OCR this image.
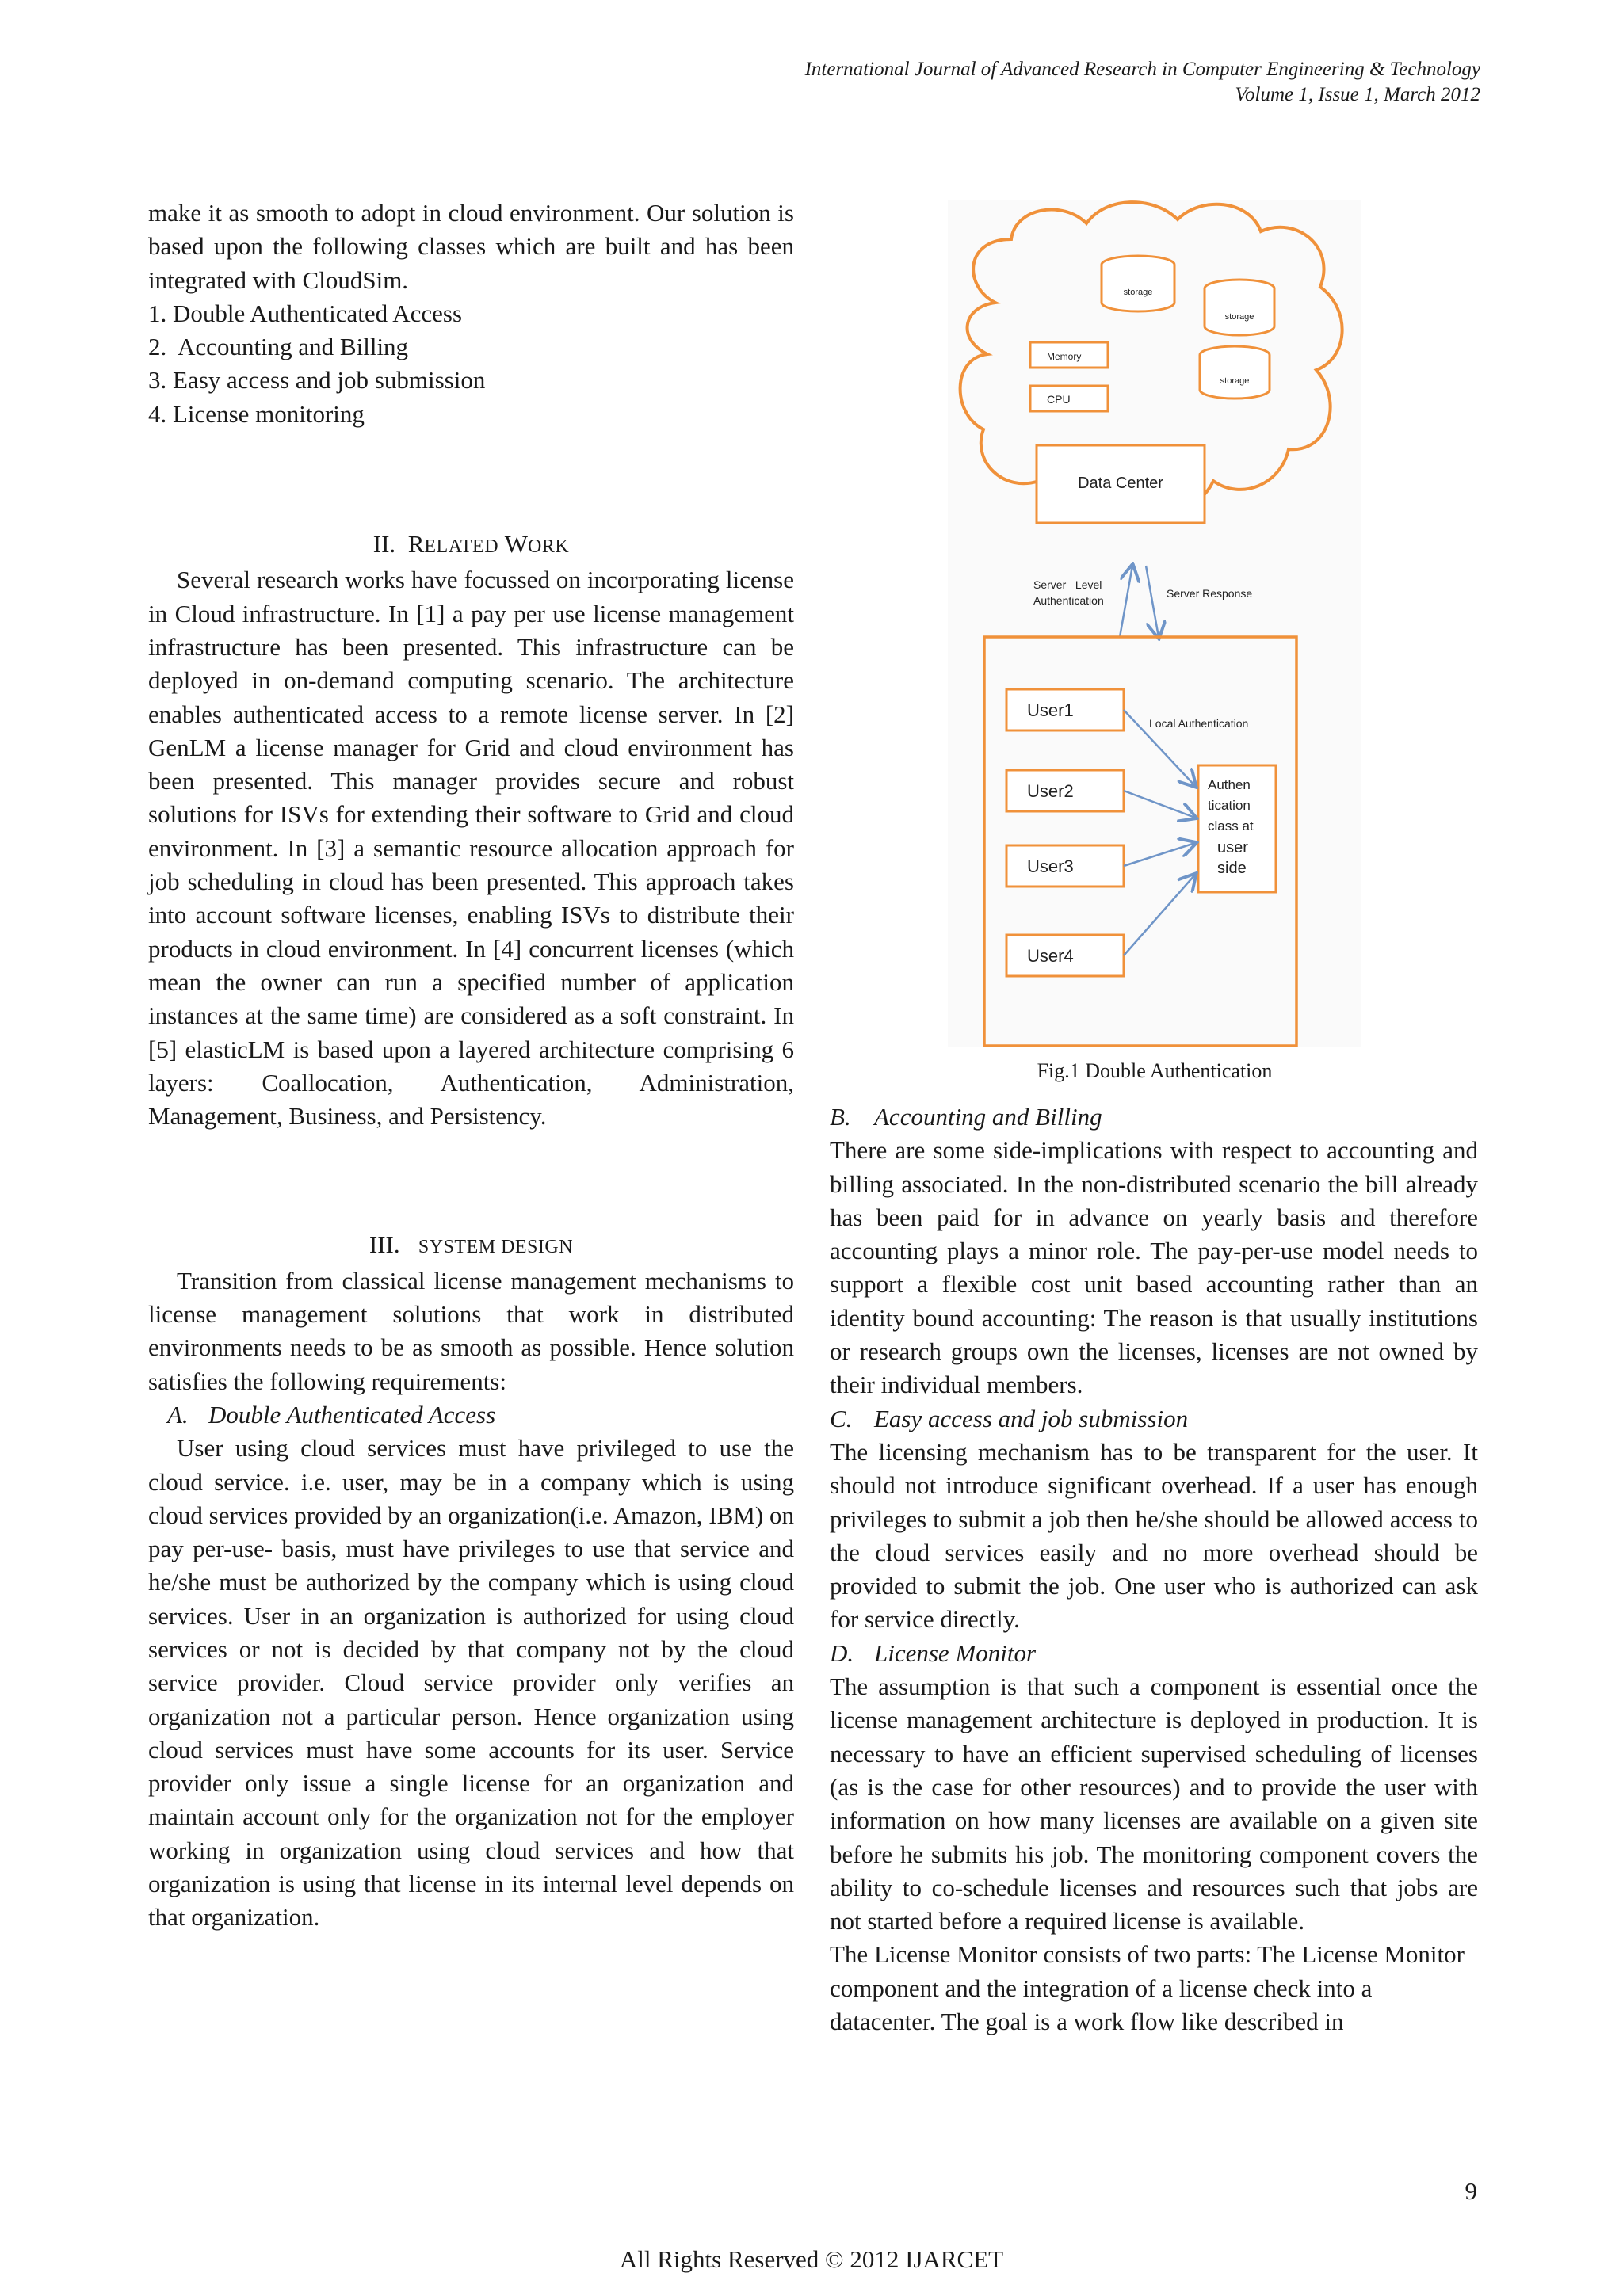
International Journal of Advanced Research in Computer Engineering & Technology
Volume 1, Issue 1, March 2012

make it as smooth to adopt in cloud environment. Our solution is based upon the following classes which are built and has been integrated with CloudSim.

1. Double Authenticated Access
2.  Accounting and Billing
3. Easy access and job submission
4. License monitoring

II. RELATED WORK

Several research works have focussed on incorporating license in Cloud infrastructure. In [1] a pay per use license management infrastructure has been presented. This infrastructure can be deployed in on-demand computing scenario. The architecture enables authenticated access to a remote license server. In [2] GenLM a license manager for Grid and cloud environment has been presented. This manager provides secure and robust solutions for ISVs for extending their software to Grid and cloud environment. In [3] a semantic resource allocation approach for job scheduling in cloud has been presented. This approach takes into account software licenses, enabling ISVs to distribute their products in cloud environment. In [4] concurrent licenses (which mean the owner can run a specified number of application instances at the same time) are considered as a soft constraint. In [5] elasticLM is based upon a layered architecture comprising 6 layers: Coallocation, Authentication, Administration, Management, Business, and Persistency.

III. SYSTEM DESIGN

Transition from classical license management mechanisms to license management solutions that work in distributed environments needs to be as smooth as possible. Hence solution satisfies the following requirements:

A. Double Authenticated Access

User using cloud services must have privileged to use the cloud service. i.e. user, may be in a company which is using cloud services provided by an organization(i.e. Amazon, IBM) on pay per-use- basis, must have privileges to use that service and he/she must be authorized by the company which is using cloud services. User in an organization is authorized for using cloud services or not is decided by that company not by the cloud service provider. Cloud service provider only verifies an organization not a particular person. Hence organization using cloud services must have some accounts for its user. Service provider only issue a single license for an organization and maintain account only for the organization not for the employer working in organization using cloud services and how that organization is using that license in its internal level depends on that organization.

storage
storage
storage
Memory
CPU
Data Center
Server   Level
Authentication
Server Response
User1
User2
User3
User4
Authen
tication
class at
user
side
Local Authentication
Fig.1 Double Authentication

B. Accounting and Billing

There are some side-implications with respect to accounting and billing associated. In the non-distributed scenario the bill already has been paid for in advance on yearly basis and therefore accounting plays a minor role. The pay-per-use model needs to support a flexible cost unit based accounting rather than an identity bound accounting: The reason is that usually institutions or research groups own the licenses, licenses are not owned by their individual members.

C. Easy access and job submission

The licensing mechanism has to be transparent for the user. It should not introduce significant overhead. If a user has enough privileges to submit a job then he/she should be allowed access to the cloud services easily and no more overhead should be provided to submit the job. One user who is authorized can ask for service directly.

D. License Monitor

The assumption is that such a component is essential once the license management architecture is deployed in production. It is necessary to have an efficient supervised scheduling of licenses (as is the case for other resources) and to provide the user with information on how many licenses are available on a given site before he submits his job. The monitoring component covers the ability to co-schedule licenses and resources such that jobs are not started before a required license is available.

The License Monitor consists of two parts: The License Monitor component and the integration of a license check into a datacenter. The goal is a work flow like described in

9
All Rights Reserved © 2012 IJARCET
